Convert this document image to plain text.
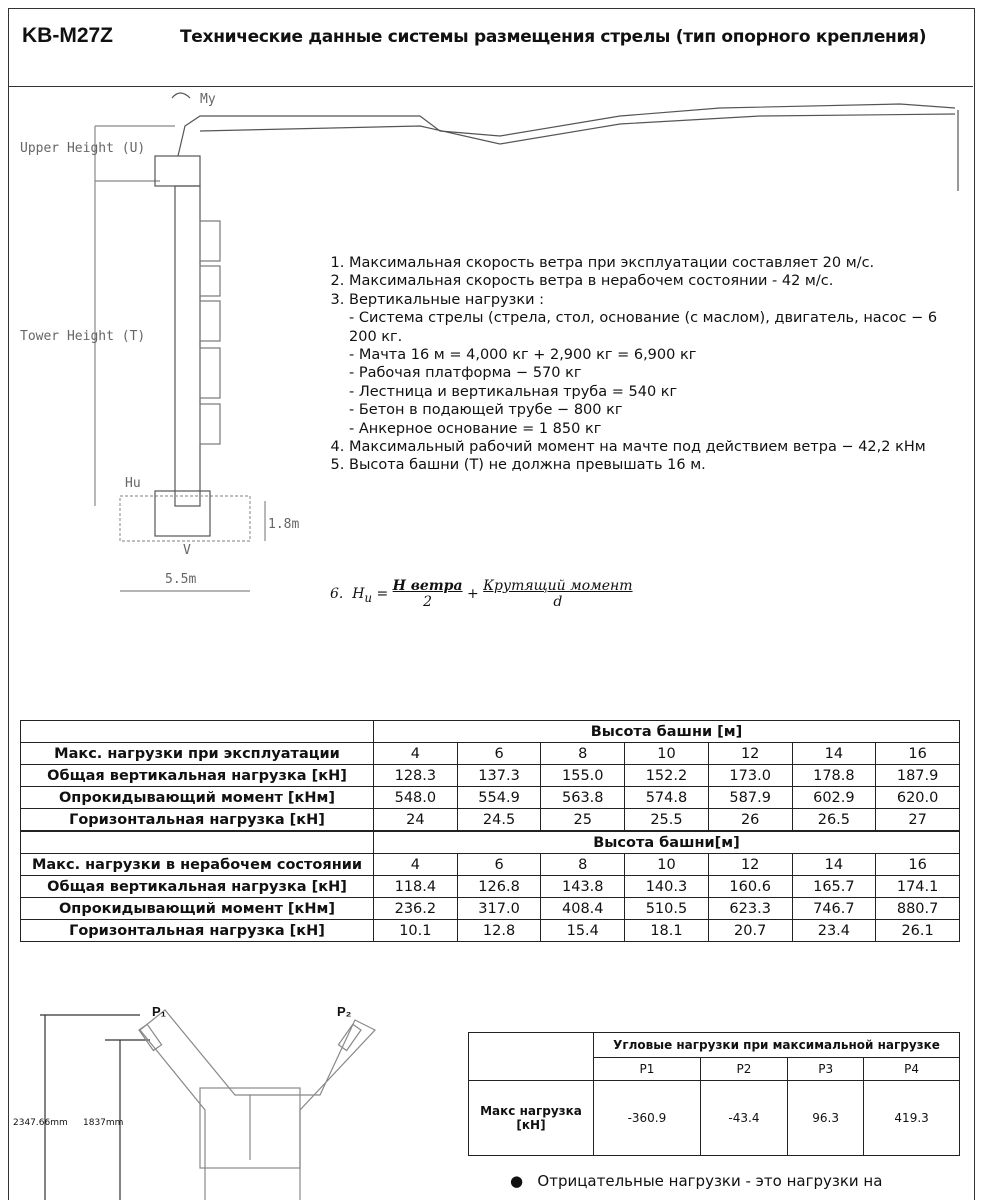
KB-M27Z	Технические данные системы размещения стрелы (тип опорного крепления)
My
Upper Height (U)
Tower Height (T)
Hu
V
1.8m
5.5m
1. Максимальная скорость ветра при эксплуатации составляет 20 м/с.
2. Максимальная скорость ветра в нерабочем состоянии - 42 м/с.
3. Вертикальные нагрузки :
- Система стрелы (стрела, стол, основание (с маслом), двигатель, насос − 6 200 кг.
- Мачта 16 м = 4,000 кг + 2,900 кг = 6,900 кг
- Рабочая платформа − 570 кг
- Лестница и вертикальная труба = 540 кг
- Бетон в подающей трубе − 800 кг
- Анкерное основание = 1 850 кг
4. Максимальный рабочий момент на мачте под действием ветра − 42,2 кНм
5. Высота башни (T) не должна превышать 16 м.
6. $H_u = H$ ветра
2 + Крутящий момент
d
	Высота башни [м]						
Макс. нагрузки при эксплуатации	4	6	8	10	12	14	16
Общая вертикальная нагрузка [кН]	128.3	137.3	155.0	152.2	173.0	178.8	187.9
Опрокидывающий момент [кНм]	548.0	554.9	563.8	574.8	587.9	602.9	620.0
Горизонтальная нагрузка [кН]	24	24.5	25	25.5	26	26.5	27
	Высота башни[м]						
Макс. нагрузки в нерабочем состоянии	4	6	8	10	12	14	16
Общая вертикальная нагрузка [кН]	118.4	126.8	143.8	140.3	160.6	165.7	174.1
Опрокидывающий момент [кНм]	236.2	317.0	408.4	510.5	623.3	746.7	880.7
Горизонтальная нагрузка [кН]	10.1	12.8	15.4	18.1	20.7	23.4	26.1
P₁	P₂
2347.66mm 1837mm
	Угловые нагрузки при максимальной нагрузке			
	P1	P2	P3	P4
Макс нагрузка [кН]	-360.9	-43.4	96.3	419.3
●   Отрицательные нагрузки - это нагрузки на
